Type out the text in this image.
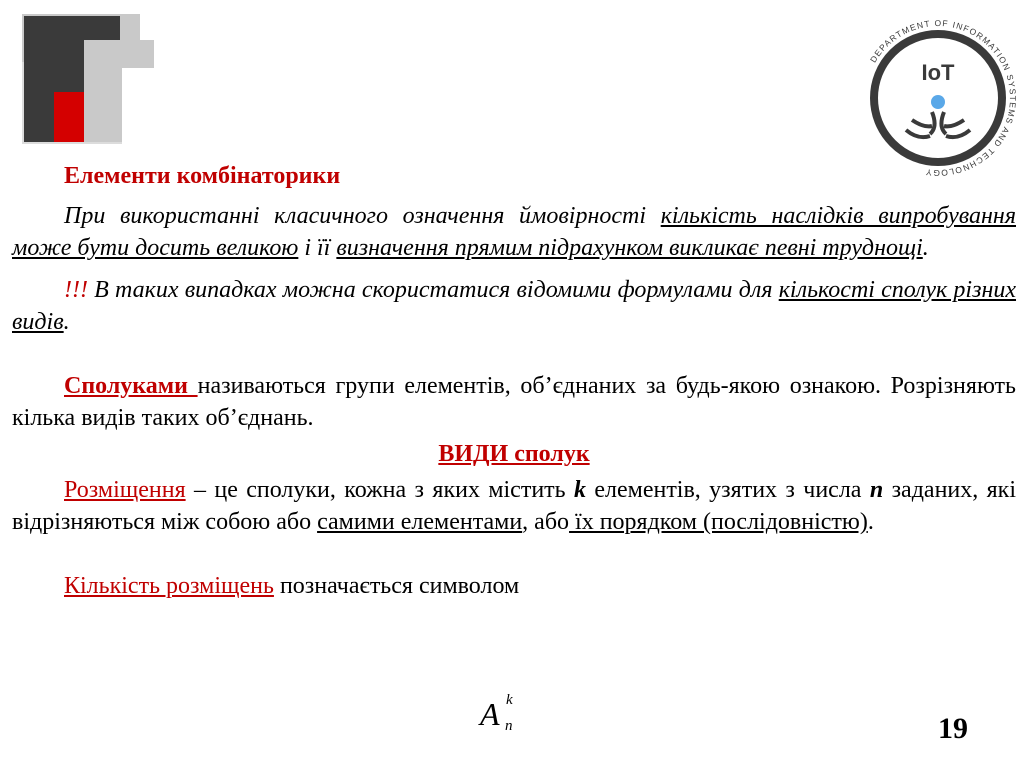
DEPARTMENT OF INFORMATION SYSTEMS AND TECHNOLOGY
IoT

Елементи комбінаторики

При використанні класичного означення ймовірності кількість наслідків випробування може бути досить великою і її визначення прямим підрахунком викликає певні труднощі.

!!! В таких випадках можна скористатися відомими формулами для кількості сполук різних видів.

Сполуками називаються групи елементів, об’єднаних за будь-якою ознакою. Розрізняють кілька видів таких об’єднань.

ВИДИ сполук

Розміщення – це сполуки, кожна з яких містить k елементів, узятих з числа n заданих, які відрізняються між собою або самими елементами, або їх порядком (послідовністю).

Кількість розміщень позначається символом

A k
n	19
